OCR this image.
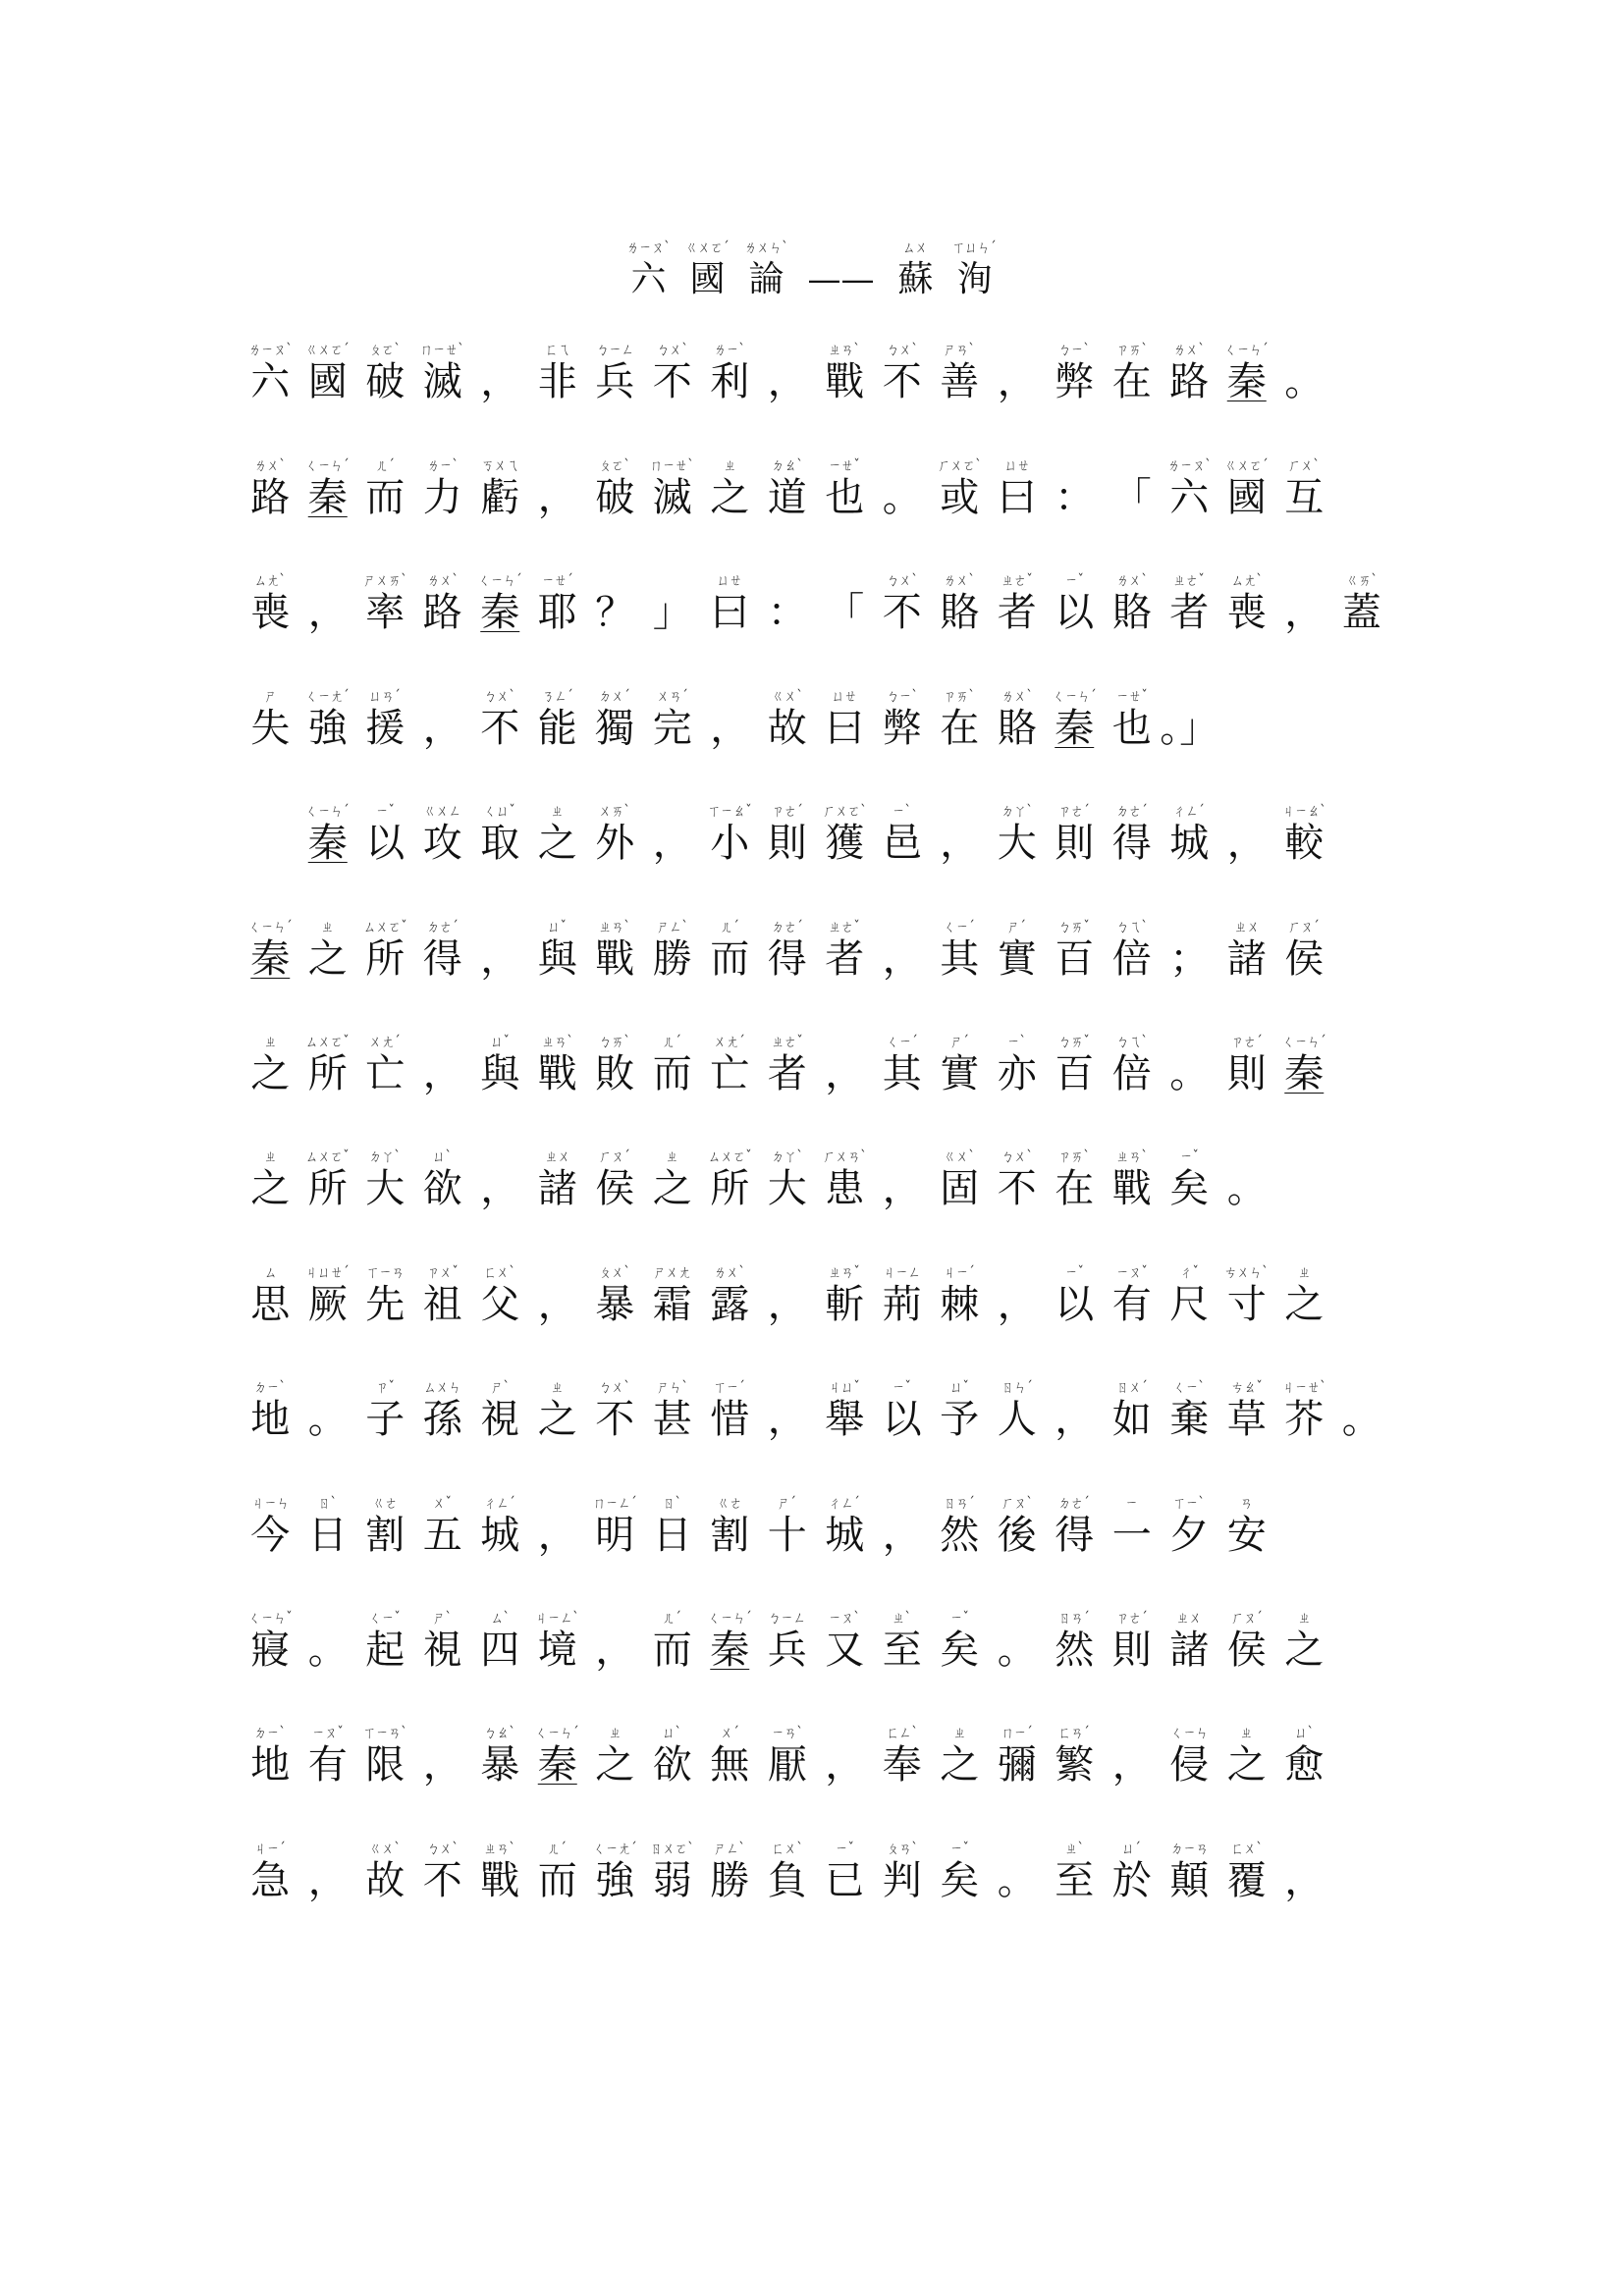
ㄌㄧㄡˋ
六
ㄍㄨㄛˊ
國
ㄌㄨㄣˋ
論 ——
ㄙㄨ
蘇
ㄒㄩㄣˊ
洵
ㄌㄧㄡˋ
六
ㄍㄨㄛˊ
國
ㄆㄛˋ
破
ㄇㄧㄝˋ
滅 ，
ㄈㄟ
非
ㄅㄧㄥ
兵
ㄅㄨˋ
不
ㄌㄧˋ
利 ，
ㄓㄢˋ
戰
ㄅㄨˋ
不
ㄕㄢˋ
善 ，
ㄅㄧˋ
弊
ㄗㄞˋ
在
ㄌㄨˋ
路
ㄑㄧㄣˊ
秦 。
ㄌㄨˋ
路
ㄑㄧㄣˊ
秦
ㄦˊ
而
ㄌㄧˋ
力
ㄎㄨㄟ
虧 ，
ㄆㄛˋ
破
ㄇㄧㄝˋ
滅
ㄓ
之
ㄉㄠˋ
道
ㄧㄝˇ
也 。
ㄏㄨㄛˋ
或
ㄩㄝ
曰 ： 「
ㄌㄧㄡˋ
六
ㄍㄨㄛˊ
國
ㄏㄨˋ
互
ㄙㄤˋ
喪 ，
ㄕㄨㄞˋ
率
ㄌㄨˋ
路
ㄑㄧㄣˊ
秦
ㄧㄝˊ
耶 ？ 」
ㄩㄝ
曰 ： 「
ㄅㄨˋ
不
ㄌㄨˋ
賂
ㄓㄜˇ
者
ㄧˇ
以
ㄌㄨˋ
賂
ㄓㄜˇ
者
ㄙㄤˋ
喪 ，
ㄍㄞˋ
蓋
ㄕ
失
ㄑㄧㄤˊ
強
ㄩㄢˊ
援 ，
ㄅㄨˋ
不
ㄋㄥˊ
能
ㄉㄨˊ
獨
ㄨㄢˊ
完 ，
ㄍㄨˋ
故
ㄩㄝ
曰
ㄅㄧˋ
弊
ㄗㄞˋ
在
ㄌㄨˋ
賂
ㄑㄧㄣˊ
秦
ㄧㄝˇ
也 。」
ㄑㄧㄣˊ
秦
ㄧˇ
以
ㄍㄨㄥ
攻
ㄑㄩˇ
取
ㄓ
之
ㄨㄞˋ
外 ，
ㄒㄧㄠˇ
小
ㄗㄜˊ
則
ㄏㄨㄛˋ
獲
ㄧˋ
邑 ，
ㄉㄚˋ
大
ㄗㄜˊ
則
ㄉㄜˊ
得
ㄔㄥˊ
城 ，
ㄐㄧㄠˋ
較
ㄑㄧㄣˊ
秦
ㄓ
之
ㄙㄨㄛˇ
所
ㄉㄜˊ
得 ，
ㄩˇ
與
ㄓㄢˋ
戰
ㄕㄥˋ
勝
ㄦˊ
而
ㄉㄜˊ
得
ㄓㄜˇ
者 ，
ㄑㄧˊ
其
ㄕˊ
實
ㄅㄞˇ
百
ㄅㄟˋ
倍 ；
ㄓㄨ
諸
ㄏㄡˊ
侯
ㄓ
之
ㄙㄨㄛˇ
所
ㄨㄤˊ
亡 ，
ㄩˇ
與
ㄓㄢˋ
戰
ㄅㄞˋ
敗
ㄦˊ
而
ㄨㄤˊ
亡
ㄓㄜˇ
者 ，
ㄑㄧˊ
其
ㄕˊ
實
ㄧˋ
亦
ㄅㄞˇ
百
ㄅㄟˋ
倍 。
ㄗㄜˊ
則
ㄑㄧㄣˊ
秦
ㄓ
之
ㄙㄨㄛˇ
所
ㄉㄚˋ
大
ㄩˋ
欲 ，
ㄓㄨ
諸
ㄏㄡˊ
侯
ㄓ
之
ㄙㄨㄛˇ
所
ㄉㄚˋ
大
ㄏㄨㄢˋ
患 ，
ㄍㄨˋ
固
ㄅㄨˋ
不
ㄗㄞˋ
在
ㄓㄢˋ
戰
ㄧˇ
矣 。
ㄙ
思
ㄐㄩㄝˊ
厥
ㄒㄧㄢ
先
ㄗㄨˇ
祖
ㄈㄨˋ
父 ，
ㄆㄨˋ
暴
ㄕㄨㄤ
霜
ㄌㄨˋ
露 ，
ㄓㄢˇ
斬
ㄐㄧㄥ
荊
ㄐㄧˊ
棘 ，
ㄧˇ
以
ㄧㄡˇ
有
ㄔˇ
尺
ㄘㄨㄣˋ
寸
ㄓ
之
ㄉㄧˋ
地 。
ㄗˇ
子
ㄙㄨㄣ
孫
ㄕˋ
視
ㄓ
之
ㄅㄨˋ
不
ㄕㄣˋ
甚
ㄒㄧˊ
惜 ，
ㄐㄩˇ
舉
ㄧˇ
以
ㄩˇ
予
ㄖㄣˊ
人 ，
ㄖㄨˊ
如
ㄑㄧˋ
棄
ㄘㄠˇ
草
ㄐㄧㄝˋ
芥 。
ㄐㄧㄣ
今
ㄖˋ
日
ㄍㄜ
割
ㄨˇ
五
ㄔㄥˊ
城 ，
ㄇㄧㄥˊ
明
ㄖˋ
日
ㄍㄜ
割
ㄕˊ
十
ㄔㄥˊ
城 ，
ㄖㄢˊ
然
ㄏㄡˋ
後
ㄉㄜˊ
得
ㄧ
一
ㄒㄧˋ
夕
ㄢ
安
ㄑㄧㄣˇ
寢 。
ㄑㄧˇ
起
ㄕˋ
視
ㄙˋ
四
ㄐㄧㄥˋ
境 ，
ㄦˊ
而
ㄑㄧㄣˊ
秦
ㄅㄧㄥ
兵
ㄧㄡˋ
又
ㄓˋ
至
ㄧˇ
矣 。
ㄖㄢˊ
然
ㄗㄜˊ
則
ㄓㄨ
諸
ㄏㄡˊ
侯
ㄓ
之
ㄉㄧˋ
地
ㄧㄡˇ
有
ㄒㄧㄢˋ
限 ，
ㄅㄠˋ
暴
ㄑㄧㄣˊ
秦
ㄓ
之
ㄩˋ
欲
ㄨˊ
無
ㄧㄢˋ
厭 ，
ㄈㄥˋ
奉
ㄓ
之
ㄇㄧˊ
彌
ㄈㄢˊ
繁 ，
ㄑㄧㄣ
侵
ㄓ
之
ㄩˋ
愈
ㄐㄧˊ
急 ，
ㄍㄨˋ
故
ㄅㄨˋ
不
ㄓㄢˋ
戰
ㄦˊ
而
ㄑㄧㄤˊ
強
ㄖㄨㄛˋ
弱
ㄕㄥˋ
勝
ㄈㄨˋ
負
ㄧˇ
已
ㄆㄢˋ
判
ㄧˇ
矣 。
ㄓˋ
至
ㄩˊ
於
ㄉㄧㄢ
顛
ㄈㄨˋ
覆 ，
